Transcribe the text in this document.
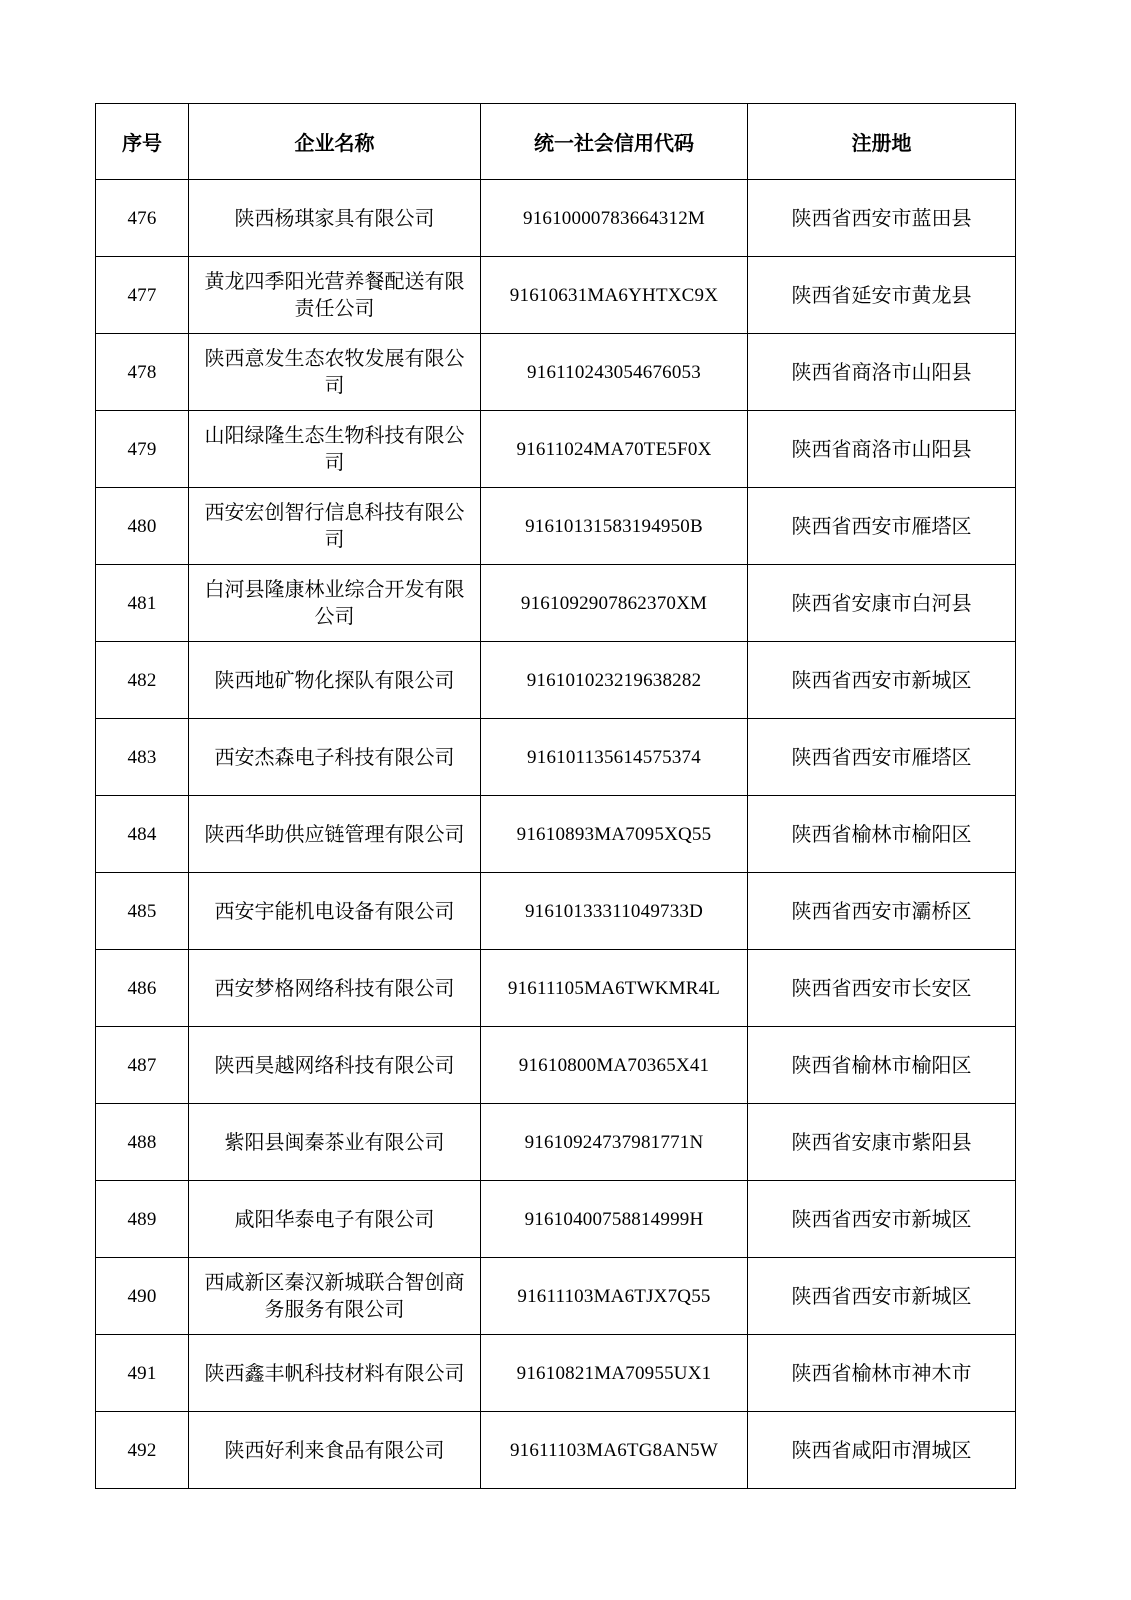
序号	企业名称	统一社会信用代码	注册地
476	陕西杨琪家具有限公司	91610000783664312M	陕西省西安市蓝田县
477	黄龙四季阳光营养餐配送有限责任公司	91610631MA6YHTXC9X	陕西省延安市黄龙县
478	陕西意发生态农牧发展有限公司	916110243054676053	陕西省商洛市山阳县
479	山阳绿隆生态生物科技有限公司	91611024MA70TE5F0X	陕西省商洛市山阳县
480	西安宏创智行信息科技有限公司	91610131583194950B	陕西省西安市雁塔区
481	白河县隆康林业综合开发有限公司	9161092907862370XM	陕西省安康市白河县
482	陕西地矿物化探队有限公司	916101023219638282	陕西省西安市新城区
483	西安杰森电子科技有限公司	916101135614575374	陕西省西安市雁塔区
484	陕西华助供应链管理有限公司	91610893MA7095XQ55	陕西省榆林市榆阳区
485	西安宇能机电设备有限公司	91610133311049733D	陕西省西安市灞桥区
486	西安梦格网络科技有限公司	91611105MA6TWKMR4L	陕西省西安市长安区
487	陕西昊越网络科技有限公司	91610800MA70365X41	陕西省榆林市榆阳区
488	紫阳县闽秦茶业有限公司	91610924737981771N	陕西省安康市紫阳县
489	咸阳华泰电子有限公司	91610400758814999H	陕西省西安市新城区
490	西咸新区秦汉新城联合智创商务服务有限公司	91611103MA6TJX7Q55	陕西省西安市新城区
491	陕西鑫丰帆科技材料有限公司	91610821MA70955UX1	陕西省榆林市神木市
492	陕西好利来食品有限公司	91611103MA6TG8AN5W	陕西省咸阳市渭城区
